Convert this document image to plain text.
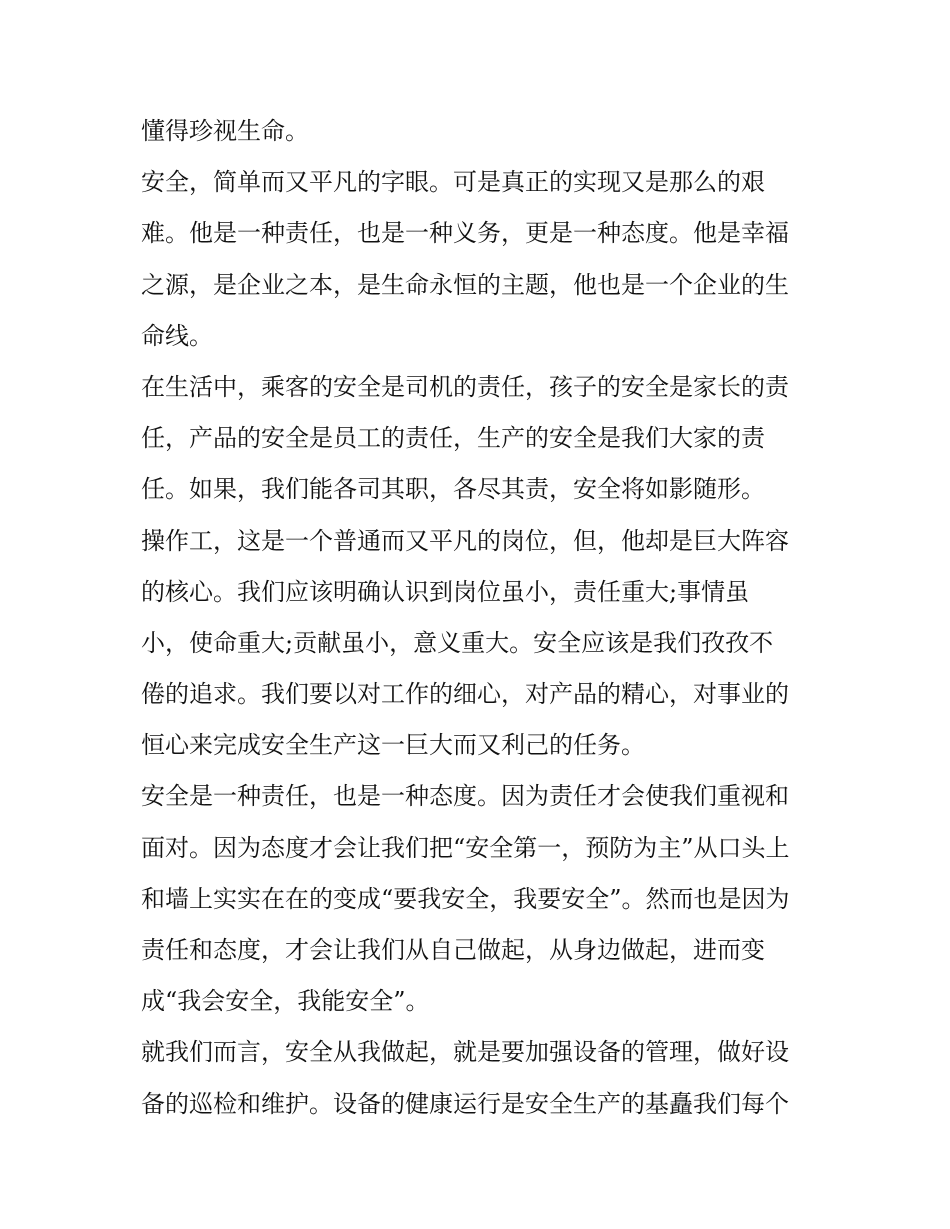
懂得珍视生命。
安全，简单而又平凡的字眼。可是真正的实现又是那么的艰
难。他是一种责任，也是一种义务，更是一种态度。他是幸福
之源，是企业之本，是生命永恒的主题，他也是一个企业的生
命线。
在生活中，乘客的安全是司机的责任，孩子的安全是家长的责
任，产品的安全是员工的责任，生产的安全是我们大家的责
任。如果，我们能各司其职，各尽其责，安全将如影随形。
操作工，这是一个普通而又平凡的岗位，但，他却是巨大阵容
的核心。我们应该明确认识到岗位虽小，责任重大;事情虽
小，使命重大;贡献虽小，意义重大。安全应该是我们孜孜不
倦的追求。我们要以对工作的细心，对产品的精心，对事业的
恒心来完成安全生产这一巨大而又利己的任务。
安全是一种责任，也是一种态度。因为责任才会使我们重视和
面对。因为态度才会让我们把“安全第一，预防为主”从口头上
和墙上实实在在的变成“要我安全，我要安全”。然而也是因为
责任和态度，才会让我们从自己做起，从身边做起，进而变
成“我会安全，我能安全”。
就我们而言，安全从我做起，就是要加强设备的管理，做好设
备的巡检和维护。设备的健康运行是安全生产的基矗我们每个
